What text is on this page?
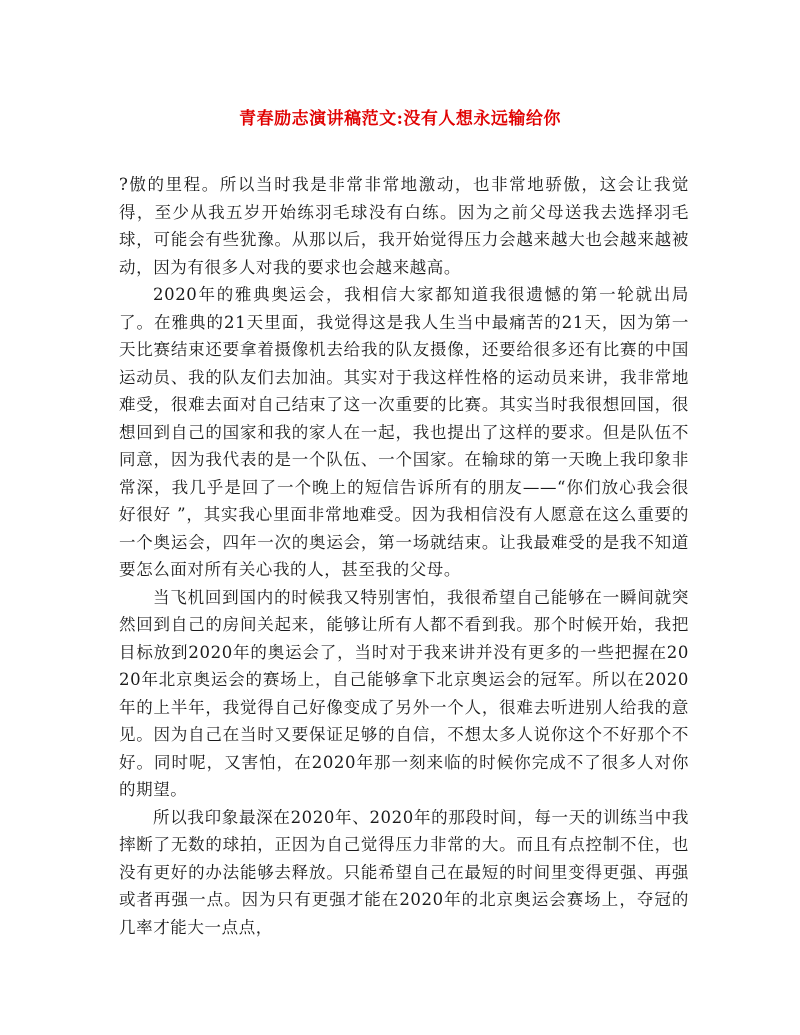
青春励志演讲稿范文:没有人想永远输给你

?傲的里程。所以当时我是非常非常地激动，也非常地骄傲，这会让我觉得，至少从我五岁开始练羽毛球没有白练。因为之前父母送我去选择羽毛球，可能会有些犹豫。从那以后，我开始觉得压力会越来越大也会越来越被动，因为有很多人对我的要求也会越来越高。

2020年的雅典奥运会，我相信大家都知道我很遗憾的第一轮就出局了。在雅典的21天里面，我觉得这是我人生当中最痛苦的21天，因为第一天比赛结束还要拿着摄像机去给我的队友摄像，还要给很多还有比赛的中国运动员、我的队友们去加油。其实对于我这样性格的运动员来讲，我非常地难受，很难去面对自己结束了这一次重要的比赛。其实当时我很想回国，很想回到自己的国家和我的家人在一起，我也提出了这样的要求。但是队伍不同意，因为我代表的是一个队伍、一个国家。在输球的第一天晚上我印象非常深，我几乎是回了一个晚上的短信告诉所有的朋友——“你们放心我会很好很好 ”，其实我心里面非常地难受。因为我相信没有人愿意在这么重要的一个奥运会，四年一次的奥运会，第一场就结束。让我最难受的是我不知道要怎么面对所有关心我的人，甚至我的父母。

当飞机回到国内的时候我又特别害怕，我很希望自己能够在一瞬间就突然回到自己的房间关起来，能够让所有人都不看到我。那个时候开始，我把目标放到2020年的奥运会了，当时对于我来讲并没有更多的一些把握在2020年北京奥运会的赛场上，自己能够拿下北京奥运会的冠军。所以在2020年的上半年，我觉得自己好像变成了另外一个人，很难去听进别人给我的意见。因为自己在当时又要保证足够的自信，不想太多人说你这个不好那个不好。同时呢，又害怕，在2020年那一刻来临的时候你完成不了很多人对你的期望。

所以我印象最深在2020年、2020年的那段时间，每一天的训练当中我摔断了无数的球拍，正因为自己觉得压力非常的大。而且有点控制不住，也没有更好的办法能够去释放。只能希望自己在最短的时间里变得更强、再强或者再强一点。因为只有更强才能在2020年的北京奥运会赛场上，夺冠的几率才能大一点点，
